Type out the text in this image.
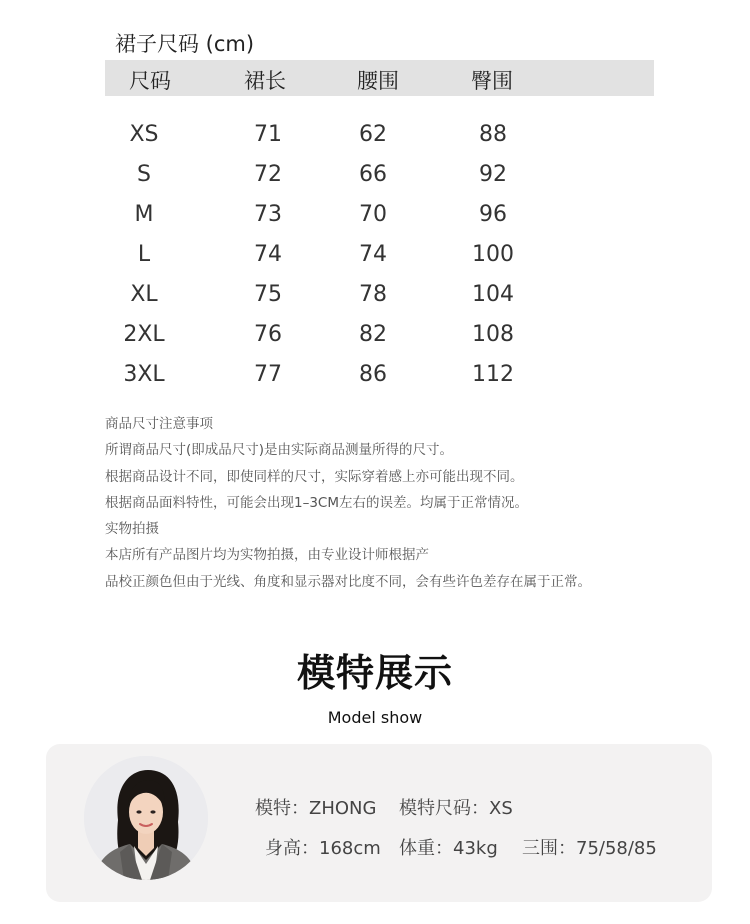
裙子尺码 (cm)
尺码	裙长	腰围	臀围
XS	71	62	88
S	72	66	92
M	73	70	96
L	74	74	100
XL	75	78	104
2XL	76	82	108
3XL	77	86	112
商品尺寸注意事项
所谓商品尺寸(即成品尺寸)是由实际商品测量所得的尺寸。
根据商品设计不同，即使同样的尺寸，实际穿着感上亦可能出现不同。
根据商品面料特性，可能会出现1–3CM左右的误差。均属于正常情况。
实物拍摄
本店所有产品图片均为实物拍摄，由专业设计师根据产
品校正颜色但由于光线、角度和显示器对比度不同，会有些许色差存在属于正常。
模特展示
Model show
模特：ZHONG 模特尺码：XS
身高：168cm 体重：43kg 三围：75/58/85
